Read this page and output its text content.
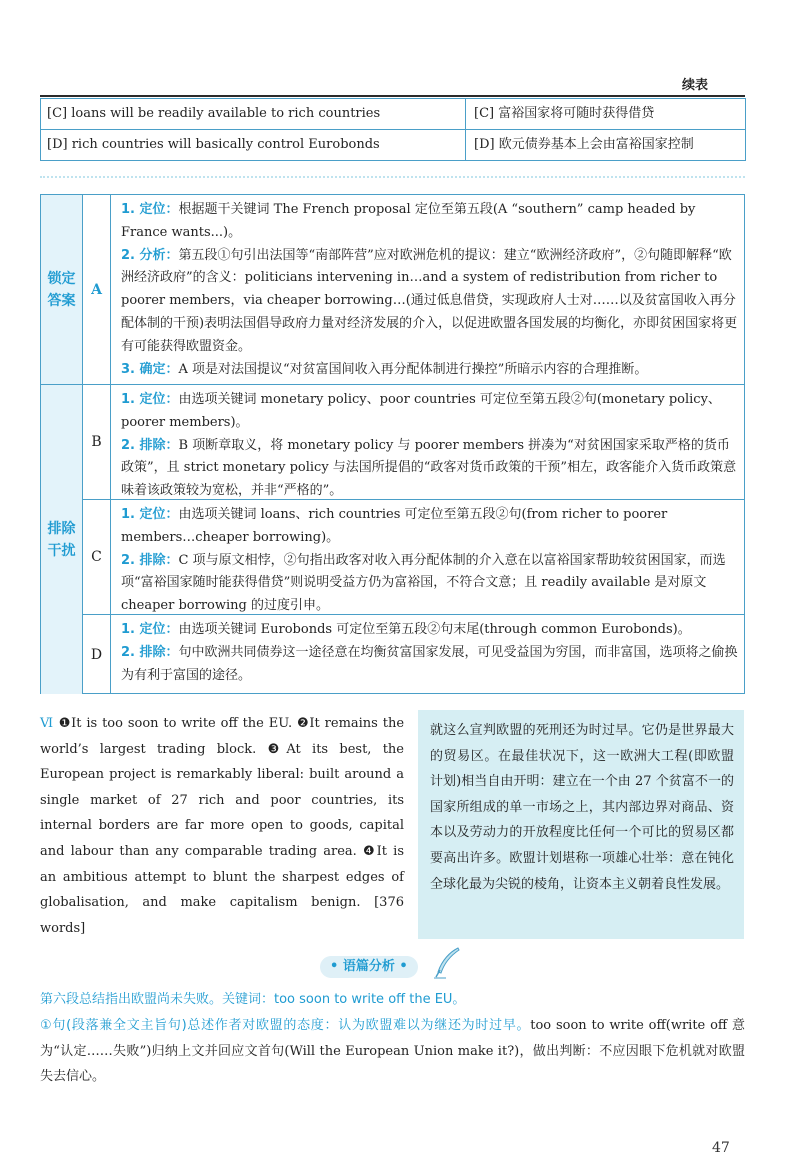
续表
[C] loans will be readily available to rich countries	[C] 富裕国家将可随时获得借贷
[D] rich countries will basically control Eurobonds	[D] 欧元债券基本上会由富裕国家控制
锁定
答案
A
1. 定位：根据题干关键词 The French proposal 定位至第五段(A “southern” camp headed by France wants...)。
2. 分析：第五段①句引出法国等“南部阵营”应对欧洲危机的提议：建立“欧洲经济政府”，②句随即解释“欧洲经济政府”的含义：politicians intervening in…and a system of redistribution from richer to poorer members，via cheaper borrowing…(通过低息借贷，实现政府人士对……以及贫富国收入再分配体制的干预)表明法国倡导政府力量对经济发展的介入，以促进欧盟各国发展的均衡化，亦即贫困国家将更有可能获得欧盟资金。
3. 确定：A 项是对法国提议“对贫富国间收入再分配体制进行操控”所暗示内容的合理推断。
排除
干扰
B
1. 定位：由选项关键词 monetary policy、poor countries 可定位至第五段②句(monetary policy、poorer members)。
2. 排除：B 项断章取义，将 monetary policy 与 poorer members 拼凑为“对贫困国家采取严格的货币政策”，且 strict monetary policy 与法国所提倡的“政客对货币政策的干预”相左，政客能介入货币政策意味着该政策较为宽松，并非“严格的”。
C
1. 定位：由选项关键词 loans、rich countries 可定位至第五段②句(from richer to poorer members…cheaper borrowing)。
2. 排除：C 项与原文相悖，②句指出政客对收入再分配体制的介入意在以富裕国家帮助较贫困国家，而选项“富裕国家随时能获得借贷”则说明受益方仍为富裕国，不符合文意；且 readily available 是对原文 cheaper borrowing 的过度引申。
D
1. 定位：由选项关键词 Eurobonds 可定位至第五段②句末尾(through common Eurobonds)。
2. 排除：句中欧洲共同债券这一途径意在均衡贫富国家发展，可见受益国为穷国，而非富国，选项将之偷换为有利于富国的途径。
Ⅵ ❶It is too soon to write off the EU. ❷It remains the world’s largest trading block. ❸At its best, the European project is remarkably liberal: built around a single market of 27 rich and poor countries, its internal borders are far more open to goods, capital and labour than any comparable trading area. ❹It is an ambitious attempt to blunt the sharpest edges of globalisation, and make capitalism benign. [376 words]
就这么宣判欧盟的死刑还为时过早。它仍是世界最大的贸易区。在最佳状况下，这一欧洲大工程(即欧盟计划)相当自由开明：建立在一个由 27 个贫富不一的国家所组成的单一市场之上，其内部边界对商品、资本以及劳动力的开放程度比任何一个可比的贸易区都要高出许多。欧盟计划堪称一项雄心壮举：意在钝化全球化最为尖锐的棱角，让资本主义朝着良性发展。
• 语篇分析 •
第六段总结指出欧盟尚未失败。关键词：too soon to write off the EU。
①句(段落兼全文主旨句)总述作者对欧盟的态度：认为欧盟难以为继还为时过早。too soon to write off(write off 意为“认定……失败”)归纳上文并回应文首句(Will the European Union make it?)，做出判断：不应因眼下危机就对欧盟失去信心。
47
